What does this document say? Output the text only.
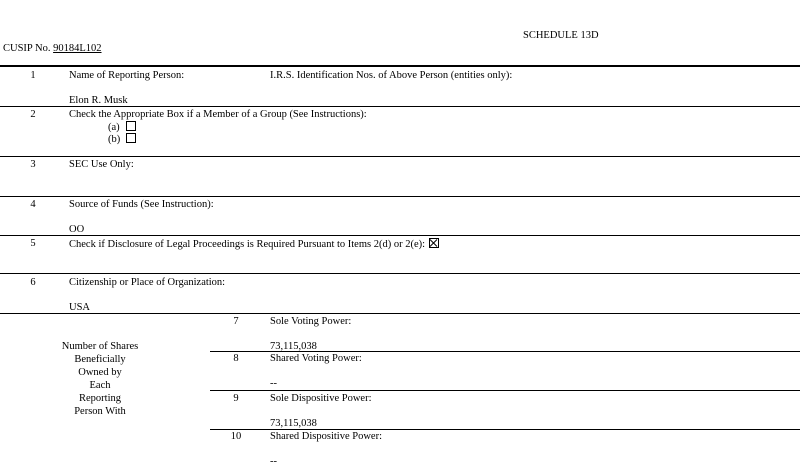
SCHEDULE 13D
CUSIP No. 90184L102
1	Name of Reporting Person:	I.R.S. Identification Nos. of Above Person (entities only):
Elon R. Musk
2	Check the Appropriate Box if a Member of a Group (See Instructions):
(a)
(b)
3	SEC Use Only:
4	Source of Funds (See Instruction):
OO
5	Check if Disclosure of Legal Proceedings is Required Pursuant to Items 2(d) or 2(e):
6	Citizenship or Place of Organization:
USA
Number of Shares
Beneficially
Owned by
Each
Reporting
Person With
7	Sole Voting Power:
73,115,038
8	Shared Voting Power:
--
9	Sole Dispositive Power:
73,115,038
10	Shared Dispositive Power:
--
